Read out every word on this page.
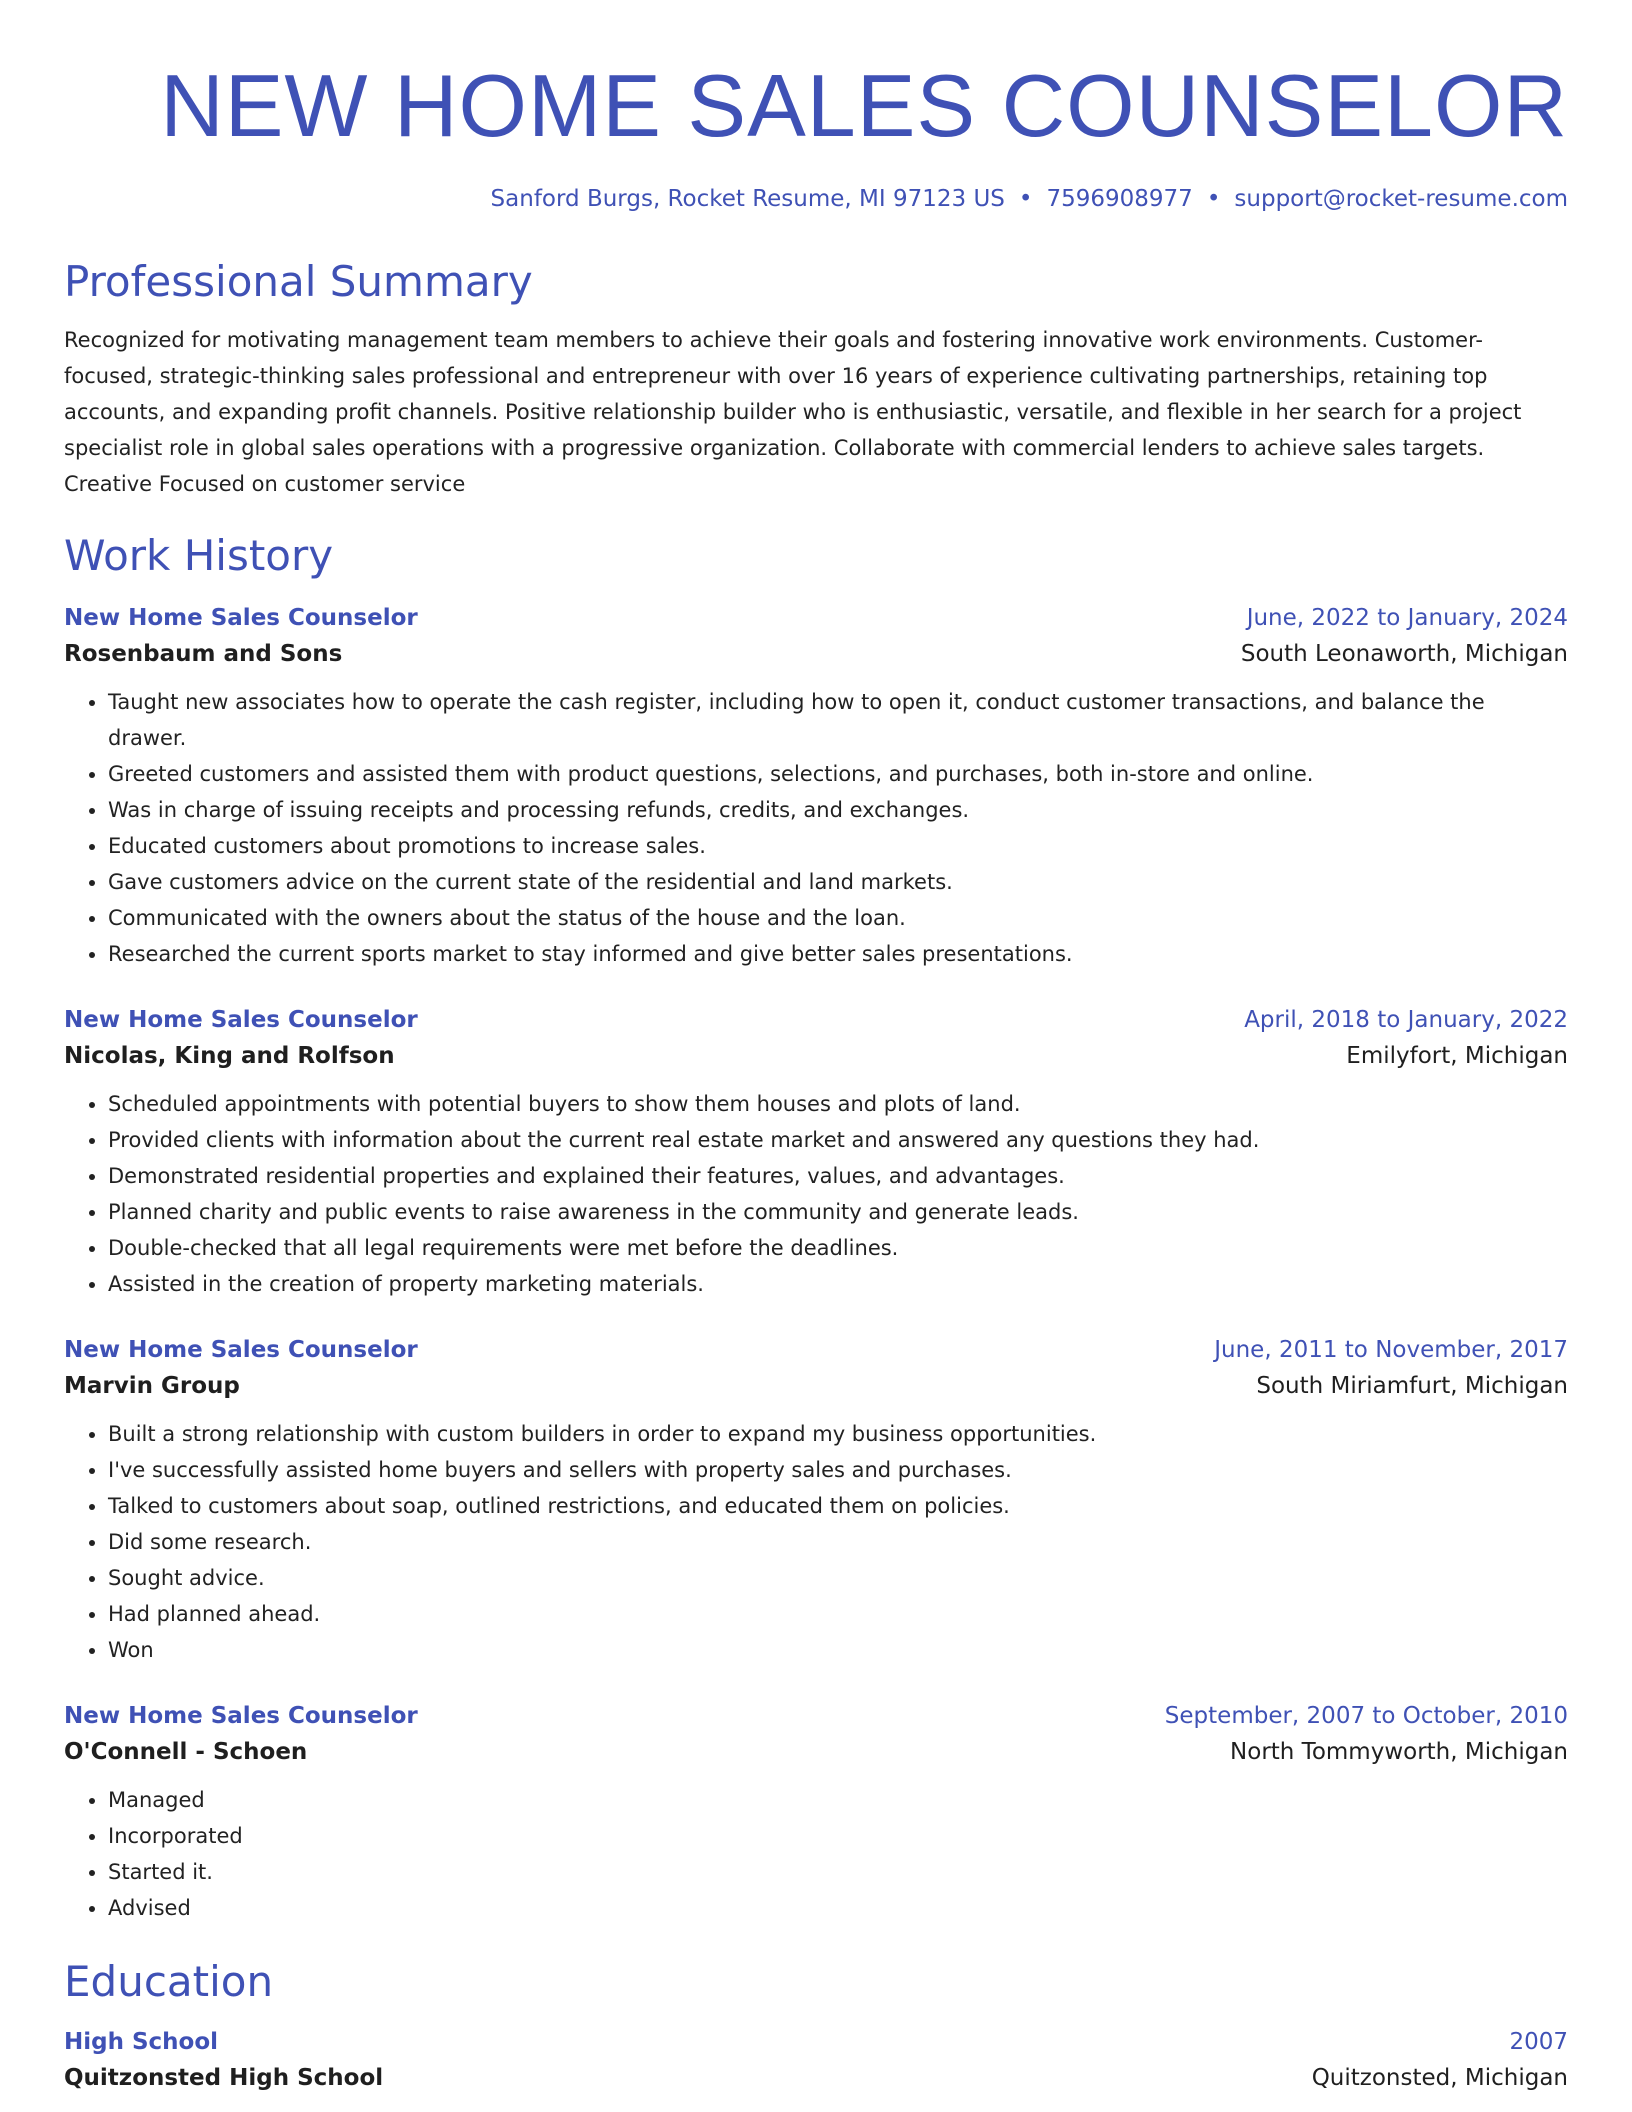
NEW HOME SALES COUNSELOR
Sanford Burgs, Rocket Resume, MI 97123 US • 7596908977 • support@rocket-resume.com
Professional Summary

Recognized for motivating management team members to achieve their goals and fostering innovative work environments. Customer-focused, strategic-thinking sales professional and entrepreneur with over 16 years of experience cultivating partnerships, retaining top accounts, and expanding profit channels. Positive relationship builder who is enthusiastic, versatile, and flexible in her search for a project specialist role in global sales operations with a progressive organization. Collaborate with commercial lenders to achieve sales targets. Creative Focused on customer service

Work History
New Home Sales Counselor	June, 2022 to January, 2024
Rosenbaum and Sons	South Leonaworth, Michigan
• Taught new associates how to operate the cash register, including how to open it, conduct customer transactions, and balance the drawer.
• Greeted customers and assisted them with product questions, selections, and purchases, both in-store and online.
• Was in charge of issuing receipts and processing refunds, credits, and exchanges.
• Educated customers about promotions to increase sales.
• Gave customers advice on the current state of the residential and land markets.
• Communicated with the owners about the status of the house and the loan.
• Researched the current sports market to stay informed and give better sales presentations.
New Home Sales Counselor	April, 2018 to January, 2022
Nicolas, King and Rolfson	Emilyfort, Michigan
• Scheduled appointments with potential buyers to show them houses and plots of land.
• Provided clients with information about the current real estate market and answered any questions they had.
• Demonstrated residential properties and explained their features, values, and advantages.
• Planned charity and public events to raise awareness in the community and generate leads.
• Double-checked that all legal requirements were met before the deadlines.
• Assisted in the creation of property marketing materials.
New Home Sales Counselor	June, 2011 to November, 2017
Marvin Group	South Miriamfurt, Michigan
• Built a strong relationship with custom builders in order to expand my business opportunities.
• I've successfully assisted home buyers and sellers with property sales and purchases.
• Talked to customers about soap, outlined restrictions, and educated them on policies.
• Did some research.
• Sought advice.
• Had planned ahead.
• Won
New Home Sales Counselor	September, 2007 to October, 2010
O'Connell - Schoen	North Tommyworth, Michigan
• Managed
• Incorporated
• Started it.
• Advised
Education
High School	2007
Quitzonsted High School	Quitzonsted, Michigan
